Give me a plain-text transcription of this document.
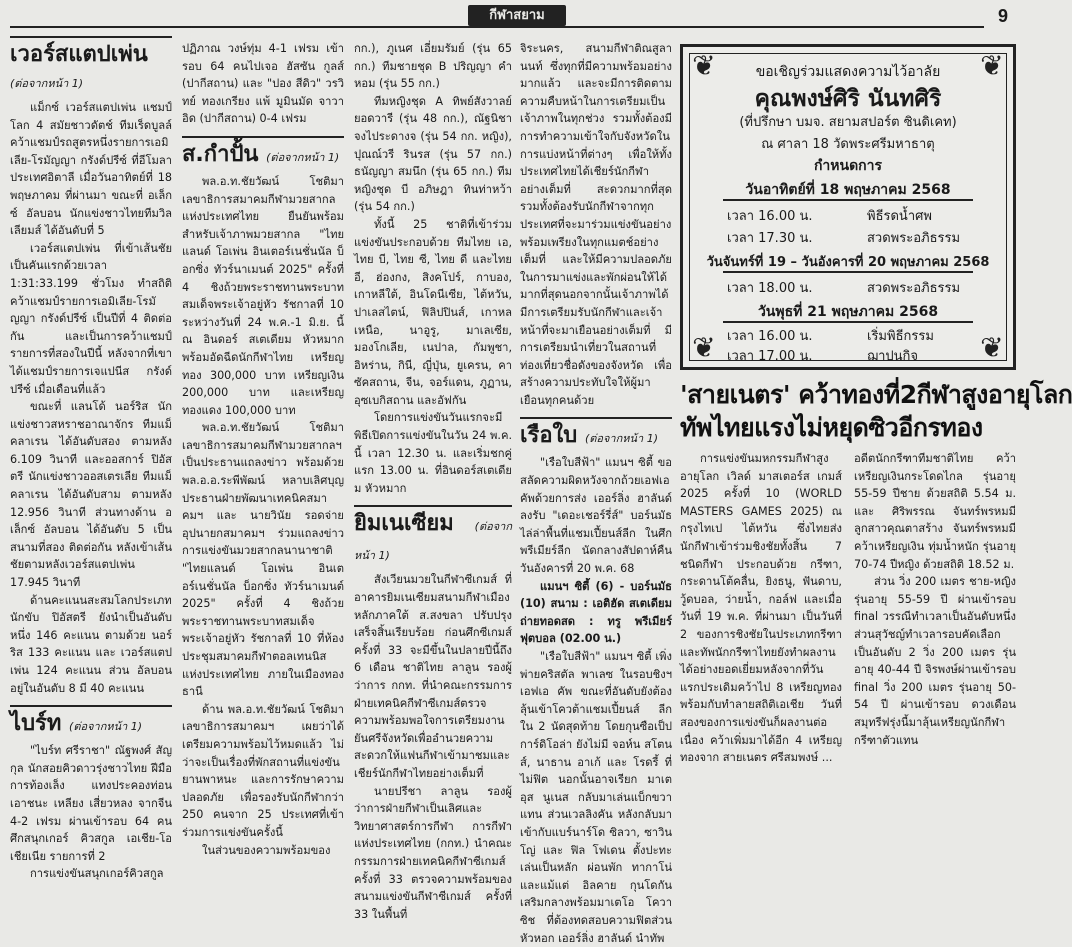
กีฬาสยาม	9
เวอร์สแตปเพ่น (ต่อจากหน้า 1)

แม็กซ์ เวอร์สแตปเพ่น แชมป์โลก 4 สมัยชาวดัตช์ ทีมเร็ดบูลล์ คว้าแชมป์รถสูตรหนึ่งรายการเอมิเลีย-โรมัญญา กรังด์ปรีซ์ ที่อีโมลา ประเทศอิตาลี เมื่อวันอาทิตย์ที่ 18 พฤษภาคม ที่ผ่านมา ขณะที่ อเล็กซ์ อัลบอน นักแข่งชาวไทยทีมวิลเลียมส์ ได้อันดับที่ 5

เวอร์สแตปเพ่น ที่เข้าเส้นชัยเป็นคันแรกด้วยเวลา 1:31:33.199 ชั่วโมง ทำสถิติคว้าแชมป์รายการเอมิเลีย-โรมัญญา กรังด์ปรีซ์ เป็นปีที่ 4 ติดต่อกัน และเป็นการคว้าแชมป์รายการที่สองในปีนี้ หลังจากที่เขาได้แชมป์รายการเจแปนีส กรังด์ปรีซ์ เมื่อเดือนที่แล้ว

ขณะที่ แลนโด้ นอร์ริส นักแข่งชาวสหราชอาณาจักร ทีมแม็คลาเรน ได้อันดับสอง ตามหลัง 6.109 วินาที และออสการ์ ปิอัสตรี นักแข่งชาวออสเตรเลีย ทีมแม็คลาเรน ได้อันดับสาม ตามหลัง 12.956 วินาที ส่วนทางด้าน อเล็กซ์ อัลบอน ได้อันดับ 5 เป็นสนามที่สอง ติดต่อกัน หลังเข้าเส้นชัยตามหลังเวอร์สแตปเพ่น 17.945 วินาที

ด้านคะแนนสะสมโลกประเภทนักขับ ปิอัสตรี ยังนำเป็นอันดับหนึ่ง 146 คะแนน ตามด้วย นอร์ริส 133 คะแนน และ เวอร์สแตปเพ่น 124 คะแนน ส่วน อัลบอน อยู่ในอันดับ 8 มี 40 คะแนน

ไบร์ท (ต่อจากหน้า 1)

"ไบร์ท ศรีราชา" ณัฐพงศ์ สัญกุล นักสอยคิวดาวรุ่งชาวไทย ฝีมือการท้องเล็ง แทงประคองท่อนเอาชนะ เหลียง เสี่ยวหลง จากจีน 4-2 เฟรม ผ่านเข้ารอบ 64 คน ศึกสนุกเกอร์ คิวสกูล เอเชีย-โอเชียเนีย รายการที่ 2

การแข่งขันสนุกเกอร์คิวสกูล

ปฏิภาณ วงษ์ทุ่ม 4-1 เฟรม เข้ารอบ 64 คนไปเจอ ฮัสซัน กูลส์ (ปากีสถาน) และ "ปอง สีดิว" วรวิทย์ ทองเกรียง แพ้ มูมินมัด จาวาอิด (ปากีสถาน) 0-4 เฟรม

ส.กำปั้น (ต่อจากหน้า 1)

พล.อ.ท.ชัยวัฒน์ โชติมา เลขาธิการสมาคมกีฬามวยสากลแห่งประเทศไทย ยืนยันพร้อมสำหรับเจ้าภาพมวยสากล "ไทยแลนด์ โอเพ่น อินเตอร์เนชั่นนัล บ็อกซิ่ง ทัวร์นาเมนต์ 2025" ครั้งที่ 4 ชิงถ้วยพระราชทานพระบาทสมเด็จพระเจ้าอยู่หัว รัชกาลที่ 10 ระหว่างวันที่ 24 พ.ค.-1 มิ.ย. นี้ ณ อินดอร์ สเตเดียม หัวหมาก พร้อมอัดฉีดนักกีฬาไทย เหรียญทอง 300,000 บาท เหรียญเงิน 200,000 บาท และเหรียญทองแดง 100,000 บาท

พล.อ.ท.ชัยวัฒน์ โชติมา เลขาธิการสมาคมกีฬามวยสากลฯ เป็นประธานแถลงข่าว พร้อมด้วย พล.อ.อ.ระพีพัฒน์ หลาบเลิศบุญ ประธานฝ่ายพัฒนาเทคนิคสมาคมฯ และ นายวินัย รอดจ่าย อุปนายกสมาคมฯ ร่วมแถลงข่าวการแข่งขันมวยสากลนานาชาติ "ไทยแลนด์ โอเพ่น อินเตอร์เนชั่นนัล บ็อกซิ่ง ทัวร์นาเมนต์ 2025" ครั้งที่ 4 ชิงถ้วยพระราชทานพระบาทสมเด็จพระเจ้าอยู่หัว รัชกาลที่ 10 ที่ห้องประชุมสมาคมกีฬาตอลเทนนิสแห่งประเทศไทย ภายในเมืองทองธานี

ด้าน พล.อ.ท.ชัยวัฒน์ โชติมา เลขาธิการสมาคมฯ เผยว่าได้เตรียมความพร้อมไว้หมดแล้ว ไม่ว่าจะเป็นเรื่องที่พักสถานที่แข่งขัน ยานพาหนะ และการรักษาความปลอดภัย เพื่อรองรับนักกีฬากว่า 250 คนจาก 25 ประเทศที่เข้าร่วมการแข่งขันครั้งนี้

ในส่วนของความพร้อมของ

กก.), ภูเนศ เอี่ยมรัมย์ (รุ่น 65 กก.) ทีมชายชุด B ปริญญา คำหอม (รุ่น 55 กก.)

ทีมหญิงชุด A ทิพย์สังวาลย์ ยอดวารี (รุ่น 48 กก.), ณัฐนิชา จงไประดางจ (รุ่น 54 กก. หญิง), ปุณณ์วรี รินรส (รุ่น 57 กก.) ธนัญญา สมนึก (รุ่น 65 กก.) ทีมหญิงชุด บี อภิษฎา ทินท่าหว้า (รุ่น 54 กก.)

ทั้งนี้ 25 ชาติที่เข้าร่วมแข่งขันประกอบด้วย ทีมไทย เอ, ไทย บี, ไทย ซี, ไทย ดี และไทย อี, ฮ่องกง, สิงคโปร์, กาบอง, เกาหลีใต้, อินโดนีเซีย, ไต้หวัน, ปาเลสไตน์, ฟิลิปปินส์, เกาหลเหนือ, นาอูรู, มาเลเซีย, มองโกเลีย, เนปาล, กัมพูชา, อิหร่าน, กินี, ญี่ปุ่น, ยูเครน, คาซัคสถาน, จีน, จอร์แดน, ภูฏาน, อุซเบกิสถาน และอัฟกัน

โดยการแข่งขันวันแรกจะมีพิธีเปิดการแข่งขันในวัน 24 พ.ค. นี้ เวลา 12.30 น. และเริ่มชกคู่แรก 13.00 น. ที่อินดอร์สเตเดียม หัวหมาก

ยิมเนเซียม (ต่อจากหน้า 1)

สังเวียนมวยในกีฬาซีเกมส์ ที่อาคารยิมเนเซียมสนามกีฬาเมืองหลักภาคใต้ ส.สงขลา ปรับปรุงเสร็จสิ้นเรียบร้อย ก่อนศึกซีเกมส์ ครั้งที่ 33 จะมีขึ้นในปลายปีนี้ถึง 6 เดือน ชาติไทย ลาลูน รองผู้ว่าการ กกท. ที่นำคณะกรรมการฝ่ายเทคนิคกีฬาซีเกมส์ตรวจความพร้อมพอใจการเตรียมงาน ยันศรีจังหวัดเพื่ออำนวยความสะดวกให้แฟนกีฬาเข้ามาชมและเชียร์นักกีฬาไทยอย่างเต็มที่

นายปรีชา ลาลูน รองผู้ว่าการฝ่ายกีฬาเป็นเลิศและวิทยาศาสตร์การกีฬา การกีฬาแห่งประเทศไทย (กกท.) นำคณะกรรมการฝ่ายเทคนิคกีฬาซีเกมส์ ครั้งที่ 33 ตรวจความพร้อมของสนามแข่งขันกีฬาซีเกมส์ ครั้งที่ 33 ในพื้นที่

จิระนคร, สนามกีฬาติณสูลานนท์ ซึ่งทุกที่มีความพร้อมอย่างมากแล้ว และจะมีการติดตามความคืบหน้าในการเตรียมเป็นเจ้าภาพในทุกช่วง รวมทั้งต้องมีการทำความเข้าใจกับจังหวัดในการแบ่งหน้าที่ต่างๆ เพื่อให้ทั้งประเทศไทยได้เชียร์นักกีฬาอย่างเต็มที่ สะดวกมากที่สุด รวมทั้งต้องรับนักกีฬาจากทุกประเทศที่จะมาร่วมแข่งขันอย่างพร้อมเพรียงในทุกแมตช์อย่างเต็มที่ และให้มีความปลอดภัยในการมาแข่งและพักผ่อนให้ได้มากที่สุดนอกจากนั้นเจ้าภาพได้มีการเตรียมรับนักกีฬาและเจ้าหน้าที่จะมาเยือนอย่างเต็มที่ มีการเตรียมนำเที่ยวในสถานที่ท่องเที่ยวชื่อดังของจังหวัด เพื่อสร้างความประทับใจให้ผู้มาเยือนทุกคนด้วย

เรือใบ (ต่อจากหน้า 1)

"เรือใบสีฟ้า" แมนฯ ซิตี้ ขอสลัดความผิดหวังจากถ้วยเอฟเอ คัพด้วยการส่ง เออร์ลิ่ง ฮาลันด์ ลงรับ "เดอะเชอร์รี่ส์" บอร์นมัธ ไล่ล่าพื้นที่แชมเปี้ยนส์ลีก ในศึกพรีเมียร์ลีก นัดกลางสัปดาห์คืนวันอังคารที่ 20 พ.ค. 68

แมนฯ ซิตี้ (6) - บอร์นมัธ (10) สนาม : เอติฮัด สเตเดียม ถ่ายทอดสด : ทรู พรีเมียร์ ฟุตบอล (02.00 น.)

"เรือใบสีฟ้า" แมนฯ ซิตี้ เพิ่งพ่ายคริสตัล พาเลซ ในรอบชิงฯ เอฟเอ คัพ ขณะที่อันดับยังต้องลุ้นเข้าโควต้าแชมเปี้ยนส์ ลีก ใน 2 นัดสุดท้าย โดยกุนซือเป็ป การ์ดิโอล่า ยังไม่มี จอห์น สโตนส์, นาธาน อาเก้ และ โรดรี้ ที่ไม่ฟิต นอกนั้นอาจเรียก มาเตอุส นูเนส กลับมาเล่นแบ็กขวาแทน ส่วนเวลลิงคัน หลังกลับมาเข้ากับแบร์นาร์โด ซิลวา, ซาวินโญ่ และ ฟิล โฟเดน ตั้งปะทะเล่นเป็นหลัก ผ่อนพัก ทากาโน่ และแม้แต่ อิลคาย กุนโดกัน เสริมกลางพร้อมมาเตโอ โควาซิช ที่ต้องทดสอบความฟิตส่วนหัวหอก เออร์ลิ่ง ฮาลันด์ นำทัพ

❦	❦
❦	❦
ขอเชิญร่วมแสดงความไว้อาลัย
คุณพงษ์ศิริ นันทศิริ
(ที่ปรึกษา บมจ. สยามสปอร์ต ซินดิเคท)
ณ ศาลา 18 วัดพระศรีมหาธาตุ
กำหนดการ
วันอาทิตย์ที่ 18 พฤษภาคม 2568
เวลา 16.00 น.	พิธีรดน้ำศพ
เวลา 17.30 น.	สวดพระอภิธรรม
วันจันทร์ที่ 19 – วันอังคารที่ 20 พฤษภาคม 2568
เวลา 18.00 น.	สวดพระอภิธรรม
วันพุธที่ 21 พฤษภาคม 2568
เวลา 16.00 น.	เริ่มพิธีกรรม
เวลา 17.00 น.	ฌาปนกิจ
'สายเนตร' คว้าทองที่2กีฬาสูงอายุโลก
ทัพไทยแรงไม่หยุดซิวอีกรทอง

การแข่งขันมหกรรมกีฬาสูงอายุโลก เวิลด์ มาสเตอร์ส เกมส์ 2025 ครั้งที่ 10 (WORLD MASTERS GAMES 2025) ณ กรุงไทเป ไต้หวัน ซึ่งไทยส่งนักกีฬาเข้าร่วมชิงชัยทั้งสิ้น 7 ชนิดกีฬา ประกอบด้วย กรีฑา, กระดานโต้คลื่น, ยิงธนู, ฟันดาบ, วู้ดบอล, ว่ายน้ำ, กอล์ฟ และเมื่อวันที่ 19 พ.ค. ที่ผ่านมา เป็นวันที่ 2 ของการชิงชัยในประเภทกรีฑา และทัพนักกรีฑาไทยยังทำผลงานได้อย่างยอดเยี่ยมหลังจากที่วันแรกประเดิมคว้าไป 8 เหรียญทอง พร้อมกับทำลายสถิติเอเชีย วันที่สองของการแข่งขันก็ผลงานต่อเนื่อง คว้าเพิ่มมาได้อีก 4 เหรียญทองจาก สายเนตร ศรีสมพงษ์ ...

อดีตนักกรีฑาทีมชาติไทย คว้าเหรียญเงินกระโดดไกล รุ่นอายุ 55-59 ปีชาย ด้วยสถิติ 5.54 ม. และ ศิริพรรณ จันทร์พรหมมี ลูกสาวคุณตาสร้าง จันทร์พรหมมี คว้าเหรียญเงิน ทุ่มน้ำหนัก รุ่นอายุ 70-74 ปีหญิง ด้วยสถิติ 18.52 ม.

ส่วน วิ่ง 200 เมตร ชาย-หญิง รุ่นอายุ 55-59 ปี ผ่านเข้ารอบ final วรรณีทำเวลาเป็นอันดับหนึ่ง ส่วนสุวัชญ์ทำเวลารอบคัดเลือก เป็นอันดับ 2 วิ่ง 200 เมตร รุ่นอายุ 40-44 ปี จิรพงษ์ผ่านเข้ารอบ final วิ่ง 200 เมตร รุ่นอายุ 50-54 ปี ผ่านเข้ารอบ ดวงเดือน สมุทรีฟรุ่งนี้มาลุ้นเหรียญนักกีฬากรีฑาตัวแทน
